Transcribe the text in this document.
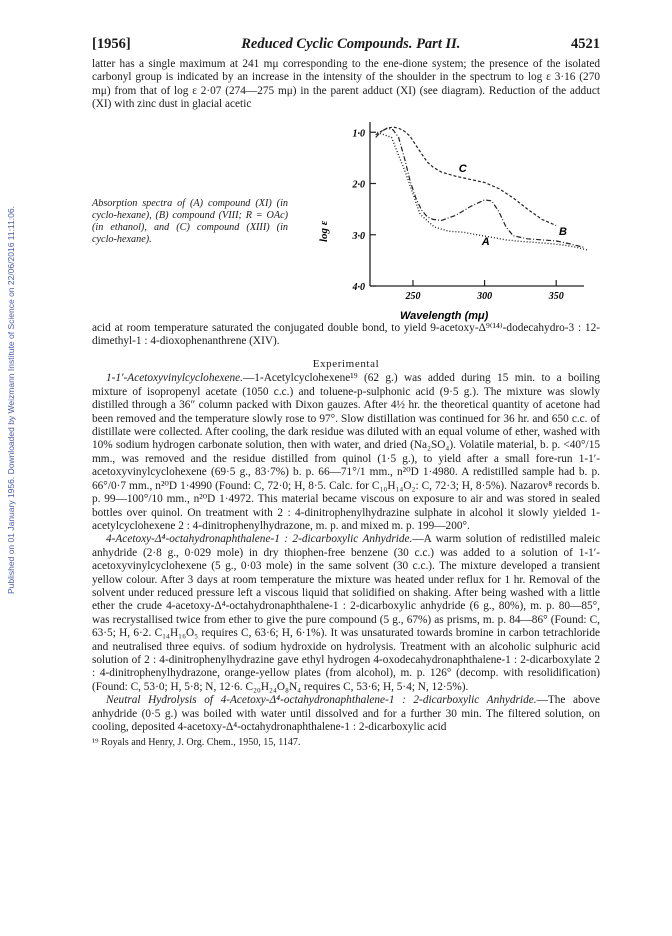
Published on 01 January 1956. Downloaded by Weizmann Institute of Science on 22/06/2016 11:11:06.
[1956]	Reduced Cyclic Compounds. Part II.	4521

latter has a single maximum at 241 mμ corresponding to the ene-dione system; the presence of the isolated carbonyl group is indicated by an increase in the intensity of the shoulder in the spectrum to log ε 3·16 (270 mμ) from that of log ε 2·07 (274—275 mμ) in the parent adduct (XI) (see diagram). Reduction of the adduct (XI) with zinc dust in glacial acetic

Absorption spectra of (A) compound (XI) (in cyclo-hexane), (B) compound (VIII; R = OAc) (in ethanol), and (C) compound (XIII) (in cyclo-hexane).
4·0
3·0
2·0
1·0
250	300	350
C
B
A
log ε
Wavelength (mμ)

acid at room temperature saturated the conjugated double bond, to yield 9-acetoxy-Δ⁹⁽¹⁴⁾-dodecahydro-3 : 12-dimethyl-1 : 4-dioxophenanthrene (XIV).

Experimental

1-1′-Acetoxyvinylcyclohexene.—1-Acetylcyclohexene¹⁹ (62 g.) was added during 15 min. to a boiling mixture of isopropenyl acetate (1050 c.c.) and toluene-p-sulphonic acid (9·5 g.). The mixture was slowly distilled through a 36″ column packed with Dixon gauzes. After 4½ hr. the theoretical quantity of acetone had been removed and the temperature slowly rose to 97°. Slow distillation was continued for 36 hr. and 650 c.c. of distillate were collected. After cooling, the dark residue was diluted with an equal volume of ether, washed with 10% sodium hydrogen carbonate solution, then with water, and dried (Na₂SO₄). Volatile material, b. p. <40°/15 mm., was removed and the residue distilled from quinol (1·5 g.), to yield after a small fore-run 1-1′-acetoxyvinylcyclohexene (69·5 g., 83·7%) b. p. 66—71°/1 mm., n²⁰D 1·4980. A redistilled sample had b. p. 66°/0·7 mm., n²⁰D 1·4990 (Found: C, 72·0; H, 8·5. Calc. for C₁₀H₁₄O₂: C, 72·3; H, 8·5%). Nazarov⁸ records b. p. 99—100°/10 mm., n²⁰D 1·4972. This material became viscous on exposure to air and was stored in sealed bottles over quinol. On treatment with 2 : 4-dinitrophenylhydrazine sulphate in alcohol it slowly yielded 1-acetylcyclohexene 2 : 4-dinitrophenylhydrazone, m. p. and mixed m. p. 199—200°.

4-Acetoxy-Δ⁴-octahydronaphthalene-1 : 2-dicarboxylic Anhydride.—A warm solution of redistilled maleic anhydride (2·8 g., 0·029 mole) in dry thiophen-free benzene (30 c.c.) was added to a solution of 1-1′-acetoxyvinylcyclohexene (5 g., 0·03 mole) in the same solvent (30 c.c.). The mixture developed a transient yellow colour. After 3 days at room temperature the mixture was heated under reflux for 1 hr. Removal of the solvent under reduced pressure left a viscous liquid that solidified on shaking. After being washed with a little ether the crude 4-acetoxy-Δ⁴-octahydronaphthalene-1 : 2-dicarboxylic anhydride (6 g., 80%), m. p. 80—85°, was recrystallised twice from ether to give the pure compound (5 g., 67%) as prisms, m. p. 84—86° (Found: C, 63·5; H, 6·2. C₁₄H₁₆O₅ requires C, 63·6; H, 6·1%). It was unsaturated towards bromine in carbon tetrachloride and neutralised three equivs. of sodium hydroxide on hydrolysis. Treatment with an alcoholic sulphuric acid solution of 2 : 4-dinitrophenylhydrazine gave ethyl hydrogen 4-oxodecahydronaphthalene-1 : 2-dicarboxylate 2 : 4-dinitrophenylhydrazone, orange-yellow plates (from alcohol), m. p. 126° (decomp. with resolidification) (Found: C, 53·0; H, 5·8; N, 12·6. C₂₀H₂₄O₈N₄ requires C, 53·6; H, 5·4; N, 12·5%).

Neutral Hydrolysis of 4-Acetoxy-Δ⁴-octahydronaphthalene-1 : 2-dicarboxylic Anhydride.—The above anhydride (0·5 g.) was boiled with water until dissolved and for a further 30 min. The filtered solution, on cooling, deposited 4-acetoxy-Δ⁴-octahydronaphthalene-1 : 2-dicarboxylic acid

¹⁹ Royals and Henry, J. Org. Chem., 1950, 15, 1147.
